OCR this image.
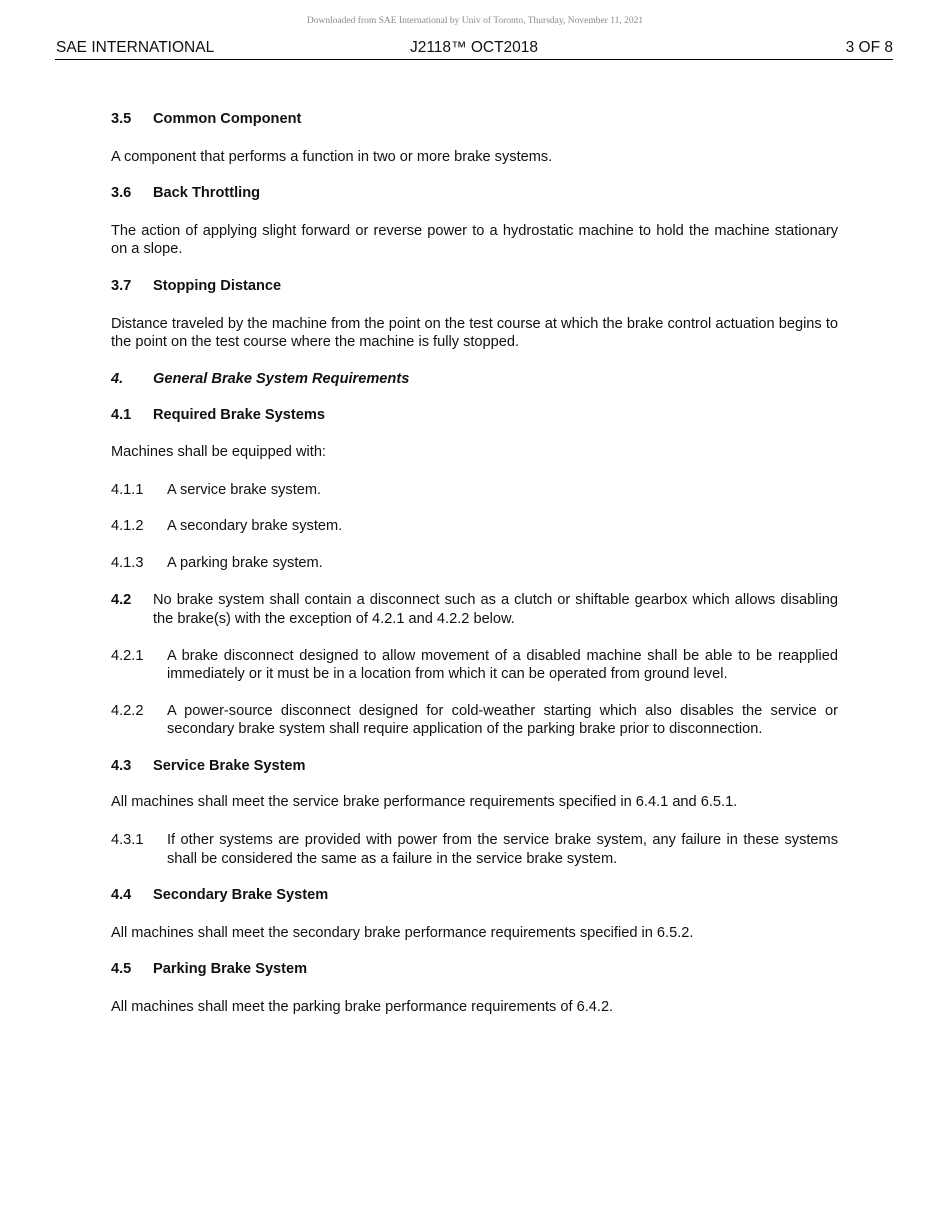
Downloaded from SAE International by Univ of Toronto, Thursday, November 11, 2021
SAE INTERNATIONAL	J2118™ OCT2018	3 OF 8
3.5 Common Component
A component that performs a function in two or more brake systems.
3.6 Back Throttling
The action of applying slight forward or reverse power to a hydrostatic machine to hold the machine stationary on a slope.
3.7 Stopping Distance
Distance traveled by the machine from the point on the test course at which the brake control actuation begins to the point on the test course where the machine is fully stopped.
4. General Brake System Requirements
4.1 Required Brake Systems
Machines shall be equipped with:
4.1.1	A service brake system.
4.1.2	A secondary brake system.
4.1.3	A parking brake system.
4.2	No brake system shall contain a disconnect such as a clutch or shiftable gearbox which allows disabling the brake(s) with the exception of 4.2.1 and 4.2.2 below.
4.2.1	A brake disconnect designed to allow movement of a disabled machine shall be able to be reapplied immediately or it must be in a location from which it can be operated from ground level.
4.2.2	A power-source disconnect designed for cold-weather starting which also disables the service or secondary brake system shall require application of the parking brake prior to disconnection.
4.3 Service Brake System
All machines shall meet the service brake performance requirements specified in 6.4.1 and 6.5.1.
4.3.1	If other systems are provided with power from the service brake system, any failure in these systems shall be considered the same as a failure in the service brake system.
4.4 Secondary Brake System
All machines shall meet the secondary brake performance requirements specified in 6.5.2.
4.5 Parking Brake System
All machines shall meet the parking brake performance requirements of 6.4.2.
